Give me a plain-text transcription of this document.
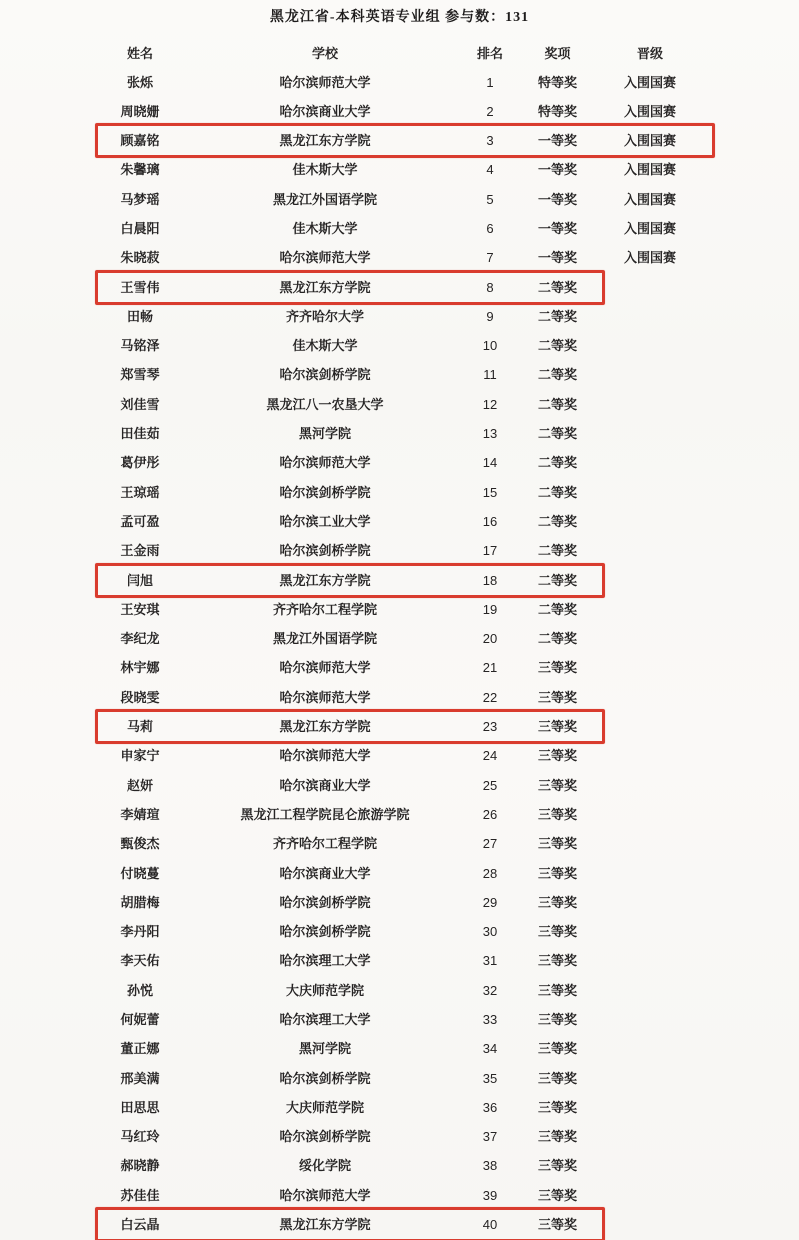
黑龙江省-本科英语专业组 参与数：131
姓名	学校	排名	奖项	晋级
张烁	哈尔滨师范大学	1	特等奖	入围国赛
周晓姗	哈尔滨商业大学	2	特等奖	入围国赛
顾嘉铭	黑龙江东方学院	3	一等奖	入围国赛
朱馨璃	佳木斯大学	4	一等奖	入围国赛
马梦瑶	黑龙江外国语学院	5	一等奖	入围国赛
白晨阳	佳木斯大学	6	一等奖	入围国赛
朱晓菽	哈尔滨师范大学	7	一等奖	入围国赛
王雪伟	黑龙江东方学院	8	二等奖
田畅	齐齐哈尔大学	9	二等奖
马铭泽	佳木斯大学	10	二等奖
郑雪琴	哈尔滨剑桥学院	11	二等奖
刘佳雪	黑龙江八一农垦大学	12	二等奖
田佳茹	黑河学院	13	二等奖
葛伊彤	哈尔滨师范大学	14	二等奖
王琼瑶	哈尔滨剑桥学院	15	二等奖
孟可盈	哈尔滨工业大学	16	二等奖
王金雨	哈尔滨剑桥学院	17	二等奖
闫旭	黑龙江东方学院	18	二等奖
王安琪	齐齐哈尔工程学院	19	二等奖
李纪龙	黑龙江外国语学院	20	二等奖
林宇娜	哈尔滨师范大学	21	三等奖
段晓雯	哈尔滨师范大学	22	三等奖
马莉	黑龙江东方学院	23	三等奖
申家宁	哈尔滨师范大学	24	三等奖
赵妍	哈尔滨商业大学	25	三等奖
李婧瑄	黑龙江工程学院昆仑旅游学院	26	三等奖
甄俊杰	齐齐哈尔工程学院	27	三等奖
付晓蔓	哈尔滨商业大学	28	三等奖
胡腊梅	哈尔滨剑桥学院	29	三等奖
李丹阳	哈尔滨剑桥学院	30	三等奖
李天佑	哈尔滨理工大学	31	三等奖
孙悦	大庆师范学院	32	三等奖
何妮蕾	哈尔滨理工大学	33	三等奖
董正娜	黑河学院	34	三等奖
邢美满	哈尔滨剑桥学院	35	三等奖
田思思	大庆师范学院	36	三等奖
马红玲	哈尔滨剑桥学院	37	三等奖
郝晓静	绥化学院	38	三等奖
苏佳佳	哈尔滨师范大学	39	三等奖
白云晶	黑龙江东方学院	40	三等奖
